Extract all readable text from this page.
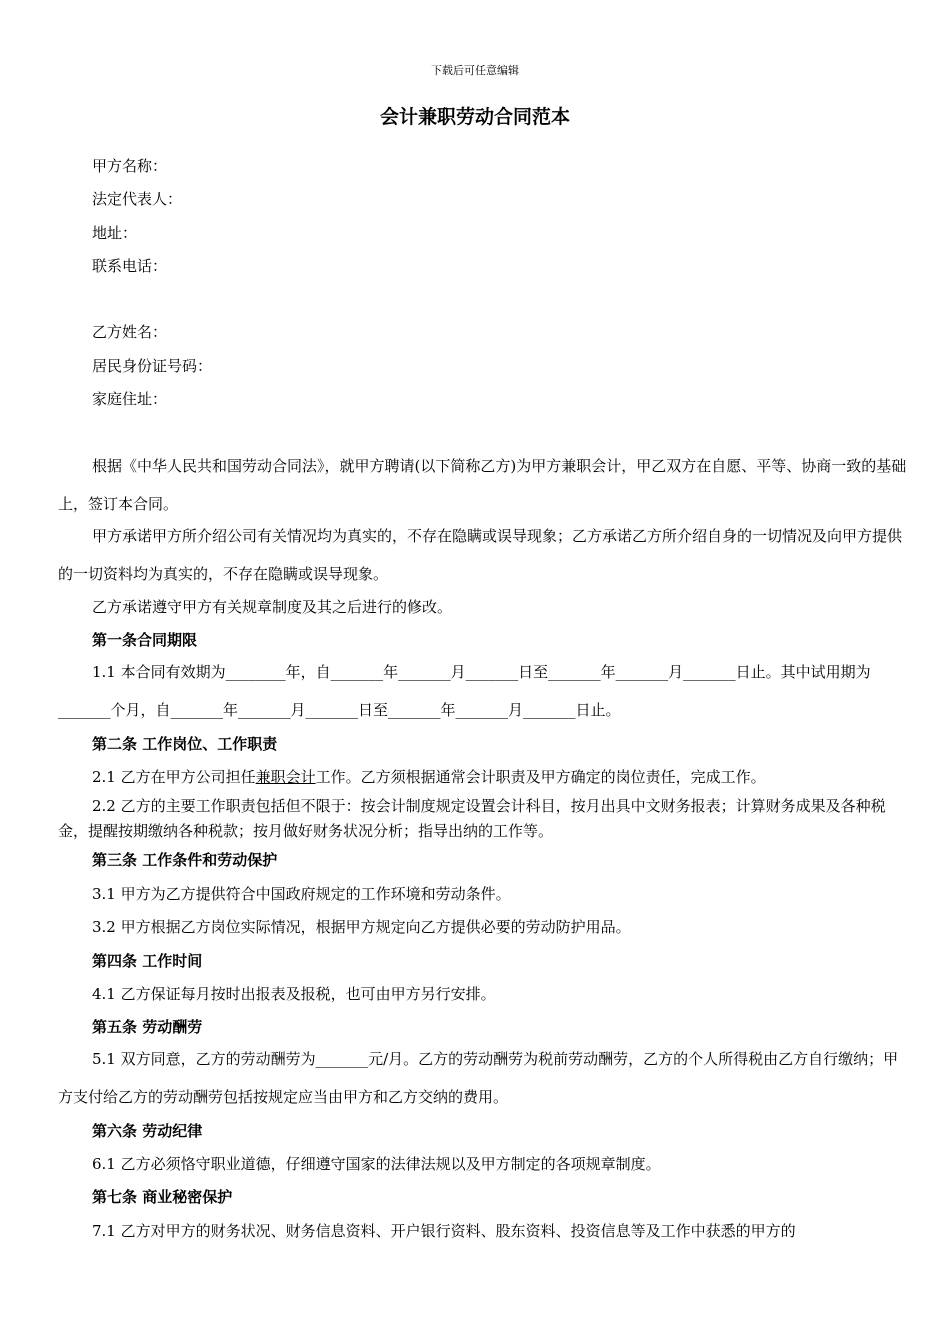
下载后可任意编辑
会计兼职劳动合同范本
甲方名称：
法定代表人：
地址：
联系电话：
乙方姓名：
居民身份证号码：
家庭住址：
根据《中华人民共和国劳动合同法》，就甲方聘请(以下简称乙方)为甲方兼职会计，甲乙双方在自愿、平等、协商一致的基础上，签订本合同。
甲方承诺甲方所介绍公司有关情况均为真实的，不存在隐瞒或误导现象；乙方承诺乙方所介绍自身的一切情况及向甲方提供的一切资料均为真实的，不存在隐瞒或误导现象。
乙方承诺遵守甲方有关规章制度及其之后进行的修改。
第一条合同期限
1.1 本合同有效期为________年，自_______年_______月_______日至_______年_______月_______日止。其中试用期为_______个月，自_______年_______月_______日至_______年_______月_______日止。
第二条 工作岗位、工作职责
2.1 乙方在甲方公司担任兼职会计工作。乙方须根据通常会计职责及甲方确定的岗位责任，完成工作。
2.2 乙方的主要工作职责包括但不限于：按会计制度规定设置会计科目，按月出具中文财务报表；计算财务成果及各种税金，提醒按期缴纳各种税款；按月做好财务状况分析；指导出纳的工作等。
第三条 工作条件和劳动保护
3.1 甲方为乙方提供符合中国政府规定的工作环境和劳动条件。
3.2 甲方根据乙方岗位实际情况，根据甲方规定向乙方提供必要的劳动防护用品。
第四条 工作时间
4.1 乙方保证每月按时出报表及报税，也可由甲方另行安排。
第五条 劳动酬劳
5.1 双方同意，乙方的劳动酬劳为_______元/月。乙方的劳动酬劳为税前劳动酬劳，乙方的个人所得税由乙方自行缴纳；甲方支付给乙方的劳动酬劳包括按规定应当由甲方和乙方交纳的费用。
第六条 劳动纪律
6.1 乙方必须恪守职业道德，仔细遵守国家的法律法规以及甲方制定的各项规章制度。
第七条 商业秘密保护
7.1 乙方对甲方的财务状况、财务信息资料、开户银行资料、股东资料、投资信息等及工作中获悉的甲方的
